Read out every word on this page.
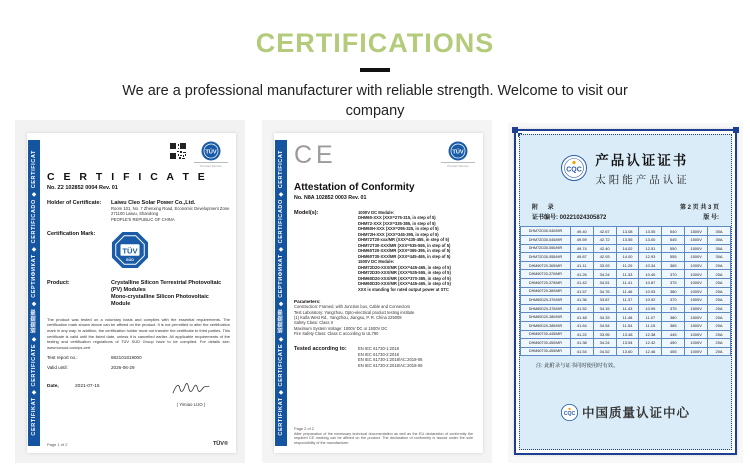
CERTIFICATIONS
We are a professional manufacturer with reliable strength. Welcome to visit our company
CERTIFIKAT ◆ CERTIFICATE ◆ 認證證書 ◆ СЕРТИФИКАТ ◆ CERTIFICADO ◆ CERTIFICAT	TÜV
Product Service
C E R T I F I C A T E
No. Z2 102852 0004 Rev. 01
Holder of Certificate:	Laiwu Cleo Solar Power Co.,Ltd.
Room 101, No. 7 Zhenxing Road, Economic Development Zone
271100 Laiwu, Shandong
PEOPLE'S REPUBLIC OF CHINA
Certification Mark:
TÜV
SÜD
Product:	Crystalline Silicon Terrestrial Photovoltaic
(PV) Modules
Mono-crystalline Silicon Photovoltaic
Module
The product was tested on a voluntary basis and complies with the essential requirements. The certification mark shown above can be affixed on the product. It is not permitted to alter the certification mark in any way. In addition, the certification holder must not transfer the certificate to third parties. This certificate is valid until the listed date, unless it is cancelled earlier. All applicable requirements of the testing and certification regulations of TÜV SÜD Group have to be complied. For details see: www.tuvsud.com/ps-cert
Test report no.:	882101819000
Valid until:	2026-06-29
Date,	2021-07-15
( Yimiao LUO )
Page 1 of 2	TÜV®
CERTIFIKAT ◆ CERTIFICATE ◆ 認證證書 ◆ СЕРТИФИКАТ ◆ CERTIFICADO ◆ CERTIFICAT CE	TÜV
Product Service
Attestation of Conformity
No. N8A 102852 0003 Rev. 01
Model(s):	1000V DC Module:
DHM60-XXX (XXX=275-315, in step of 5)
DHM72-XXX (XXX=335-385, in step of 5)
DHM60H-XXX (XXX=295-325, in step of 5)
DHM72H-XXX (XXX=345-395, in step of 5)
DHM72T20-xxx/MR (XXX=435-455, in step of 5)
DHM72T30-XXX/MR (XXX=535-555, in step of 5)
DHM60T20-XXX/MR (XXX=365-395, in step of 5)
DHM60T30-XXX/MR (XXX=445-465, in step of 5)
1500V DC Module:
DHM72D20-XXX/MR (XXX=445-465, in step of 5)
DHM72D30-XXX/MR (XXX=535-555, in step of 5)
DHM60D20-XXX/MR (XXX=370-385, in step of 5)
DHM60D30-XXX/MR (XXX=445-465, in step of 5)
XXX is standing for rated output power at STC
Parameters:
Construction: Framed, with Junction box, Cable and Connectors
Test Laboratory: Yangzhou, Opto-electrical product testing institute
(1) Kaifa West Rd., Yangzhou, Jiangsu, P. R. China 225009
Safety Class: Class II
Maximum System Voltage: 1000V DC or 1500V DC
Fire Safety Class: Class C according to UL790
Tested according to:	EN IEC 61730-1:2018
EN IEC 61730-2:2018
EN IEC 61730-1:2018/AC:2018-06
EN IEC 61730-2:2018/AC:2018-06
Page 2 of 2
After preparation of the necessary technical documentation as well as the EU declaration of conformity the required CE marking can be affixed on the product. The declaration of conformity is issued under the sole responsibility of the manufacturer.
CQC
产品认证证书
太阳能产品认证
附 录	第 2 页 共 3 页
证书编号: 00221024305872	版 号:
DHM72D30-540/MR	49.40	42.67	13.08	13.05	540	1500V	30A
DHM72D30-545/MR	49.59	42.72	13.55	13.00	545	1500V	30A
DHM72D30-550/MR	49.74	42.40	14.02	12.51	550	1500V	30A
DHM72D30-555/MR	49.87	42.93	14.00	12.93	555	1500V	30A
DHM60T20-365/MR	41.11	33.93	11.29	10.34	365	1000V	20A
DHM60T20-370/MR	41.26	34.24	11.33	10.40	370	1000V	20A
DHM60T20-375/MR	41.42	34.51	11.41	10.87	375	1000V	20A
DHM60T20-380/MR	41.57	34.76	11.46	10.93	380	1000V	20A
DHM60D20-370/MR	41.36	33.87	11.37	10.92	370	1500V	20A
DHM60D20-375/MR	41.52	34.15	11.43	10.99	375	1500V	20A
DHM60D20-380/MR	41.48	34.33	11.48	11.07	380	1500V	20A
DHM60D20-385/MR	41.64	34.54	11.54	11.15	385	1500V	20A
DHM60T30-445/MR	41.22	33.95	13.48	12.38	445	1000V	20A
DHM60T30-450/MR	41.38	34.24	13.54	12.42	450	1000V	20A
DHM60T30-455/MR	41.54	34.52	13.60	12.46	455	1000V	20A
注: 此附录与证书同时使用时有效。
CQC 中国质量认证中心
